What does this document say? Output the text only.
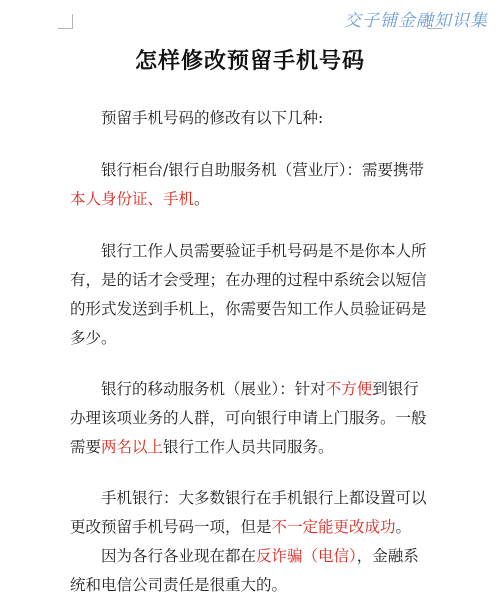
交子铺金融知识集
怎样修改预留手机号码

预留手机号码的修改有以下几种:

银行柜台/银行自助服务机（营业厅）：需要携带本人身份证、手机。

银行工作人员需要验证手机号码是不是你本人所有，是的话才会受理；在办理的过程中系统会以短信的形式发送到手机上，你需要告知工作人员验证码是多少。

银行的移动服务机（展业）：针对不方便到银行办理该项业务的人群，可向银行申请上门服务。一般需要两名以上银行工作人员共同服务。

手机银行：大多数银行在手机银行上都设置可以更改预留手机号码一项，但是不一定能更改成功。

因为各行各业现在都在反诈骗（电信），金融系统和电信公司责任是很重大的。
